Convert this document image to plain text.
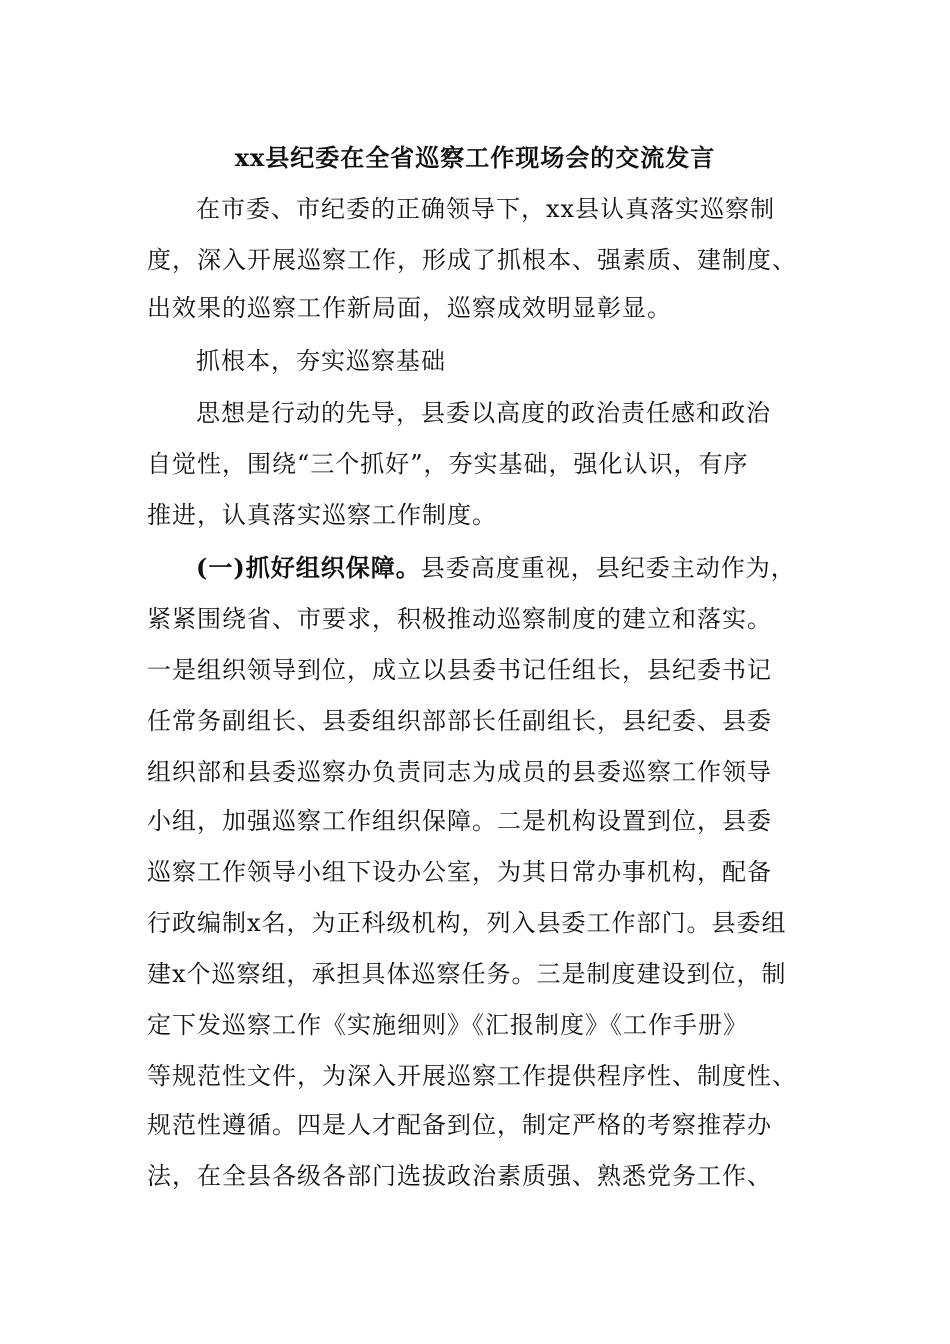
xx县纪委在全省巡察工作现场会的交流发言
在市委、市纪委的正确领导下，xx县认真落实巡察制
度，深入开展巡察工作，形成了抓根本、强素质、建制度、
出效果的巡察工作新局面，巡察成效明显彰显。
抓根本，夯实巡察基础
思想是行动的先导，县委以高度的政治责任感和政治
自觉性，围绕“三个抓好”，夯实基础，强化认识，有序
推进，认真落实巡察工作制度。
(一)抓好组织保障。县委高度重视，县纪委主动作为，
紧紧围绕省、市要求，积极推动巡察制度的建立和落实。
一是组织领导到位，成立以县委书记任组长，县纪委书记
任常务副组长、县委组织部部长任副组长，县纪委、县委
组织部和县委巡察办负责同志为成员的县委巡察工作领导
小组，加强巡察工作组织保障。二是机构设置到位，县委
巡察工作领导小组下设办公室，为其日常办事机构，配备
行政编制x名，为正科级机构，列入县委工作部门。县委组
建x个巡察组，承担具体巡察任务。三是制度建设到位，制
定下发巡察工作《实施细则》《汇报制度》《工作手册》
等规范性文件，为深入开展巡察工作提供程序性、制度性、
规范性遵循。四是人才配备到位，制定严格的考察推荐办
法，在全县各级各部门选拔政治素质强、熟悉党务工作、
